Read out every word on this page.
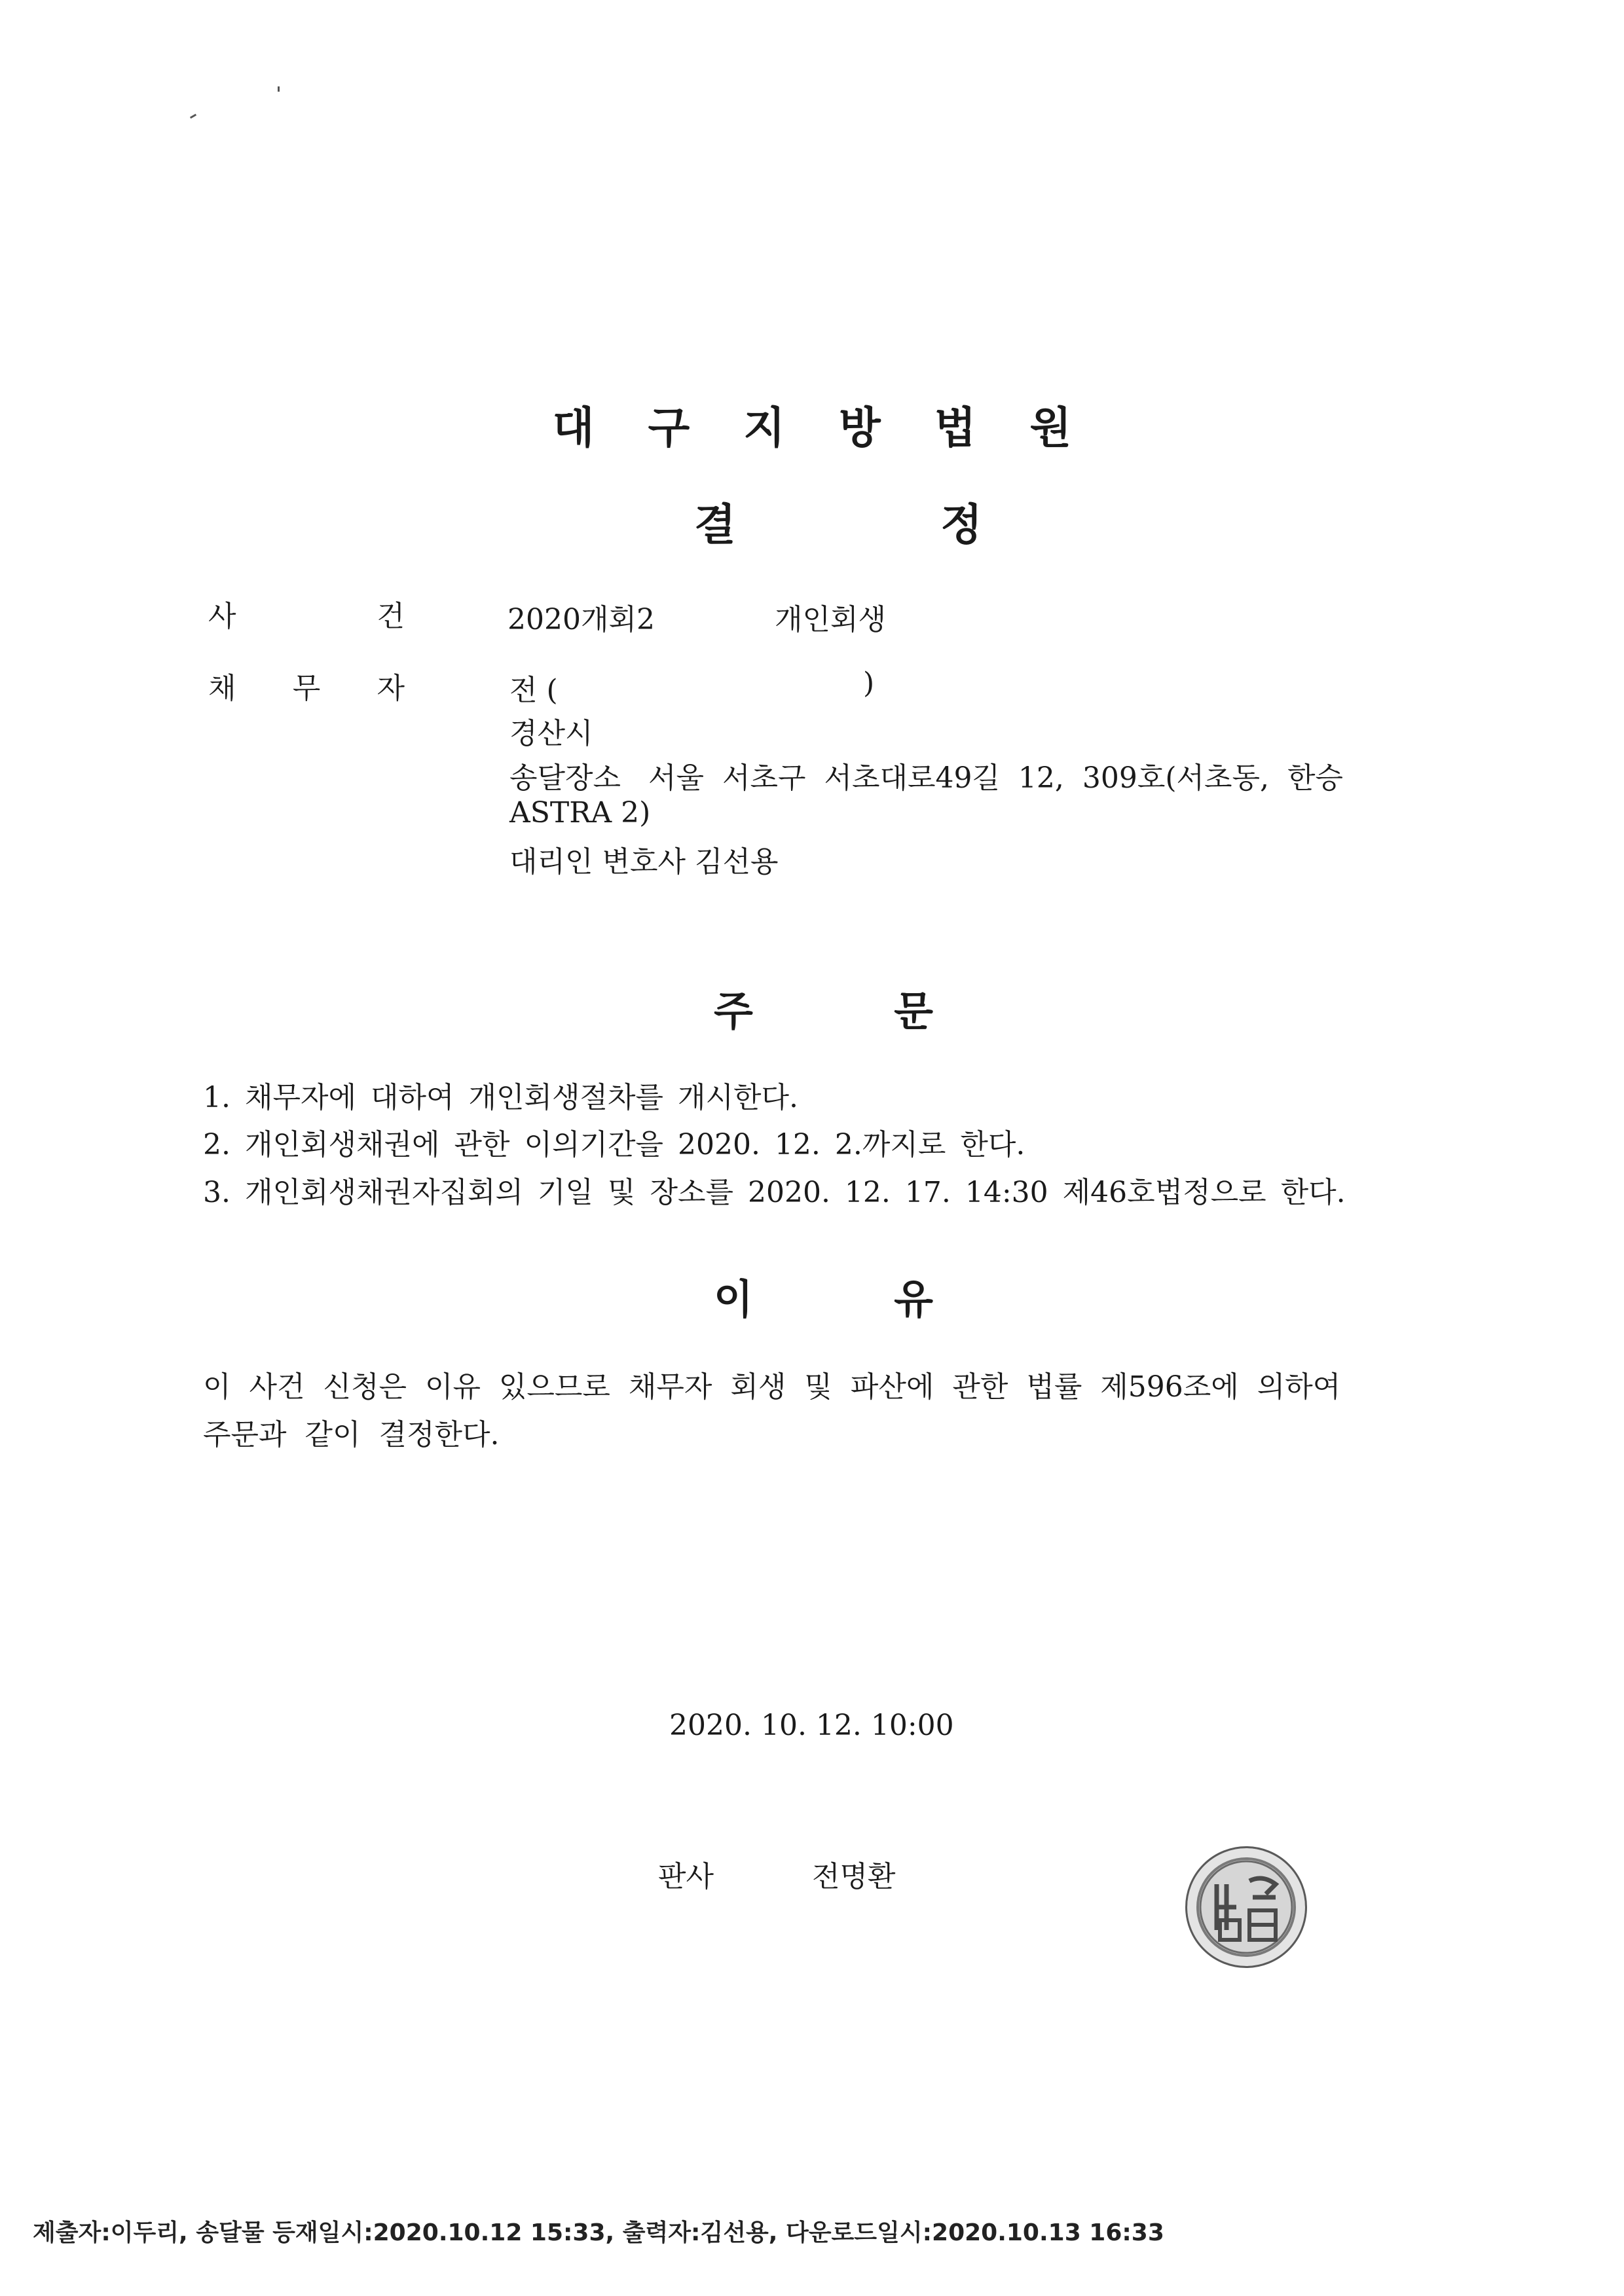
대구지방법원
결	정
사	건	2020개회2	개인회생
채 무 자	전 (	)
경산시
송달장소   서울  서초구  서초대로49길  12,  309호(서초동,  한승
ASTRA 2)
대리인 변호사 김선용
주	문
1. 채무자에 대하여 개인회생절차를 개시한다.
2. 개인회생채권에 관한 이의기간을 2020. 12. 2.까지로 한다.
3. 개인회생채권자집회의 기일 및 장소를 2020. 12. 17. 14:30 제46호법정으로 한다.
이	유
이  사건  신청은  이유  있으므로  채무자  회생  및  파산에  관한  법률  제596조에  의하여
주문과  같이  결정한다.
2020. 10. 12. 10:00
판사	전명환
제출자:이두리, 송달물 등재일시:2020.10.12 15:33, 출력자:김선용, 다운로드일시:2020.10.13 16:33
